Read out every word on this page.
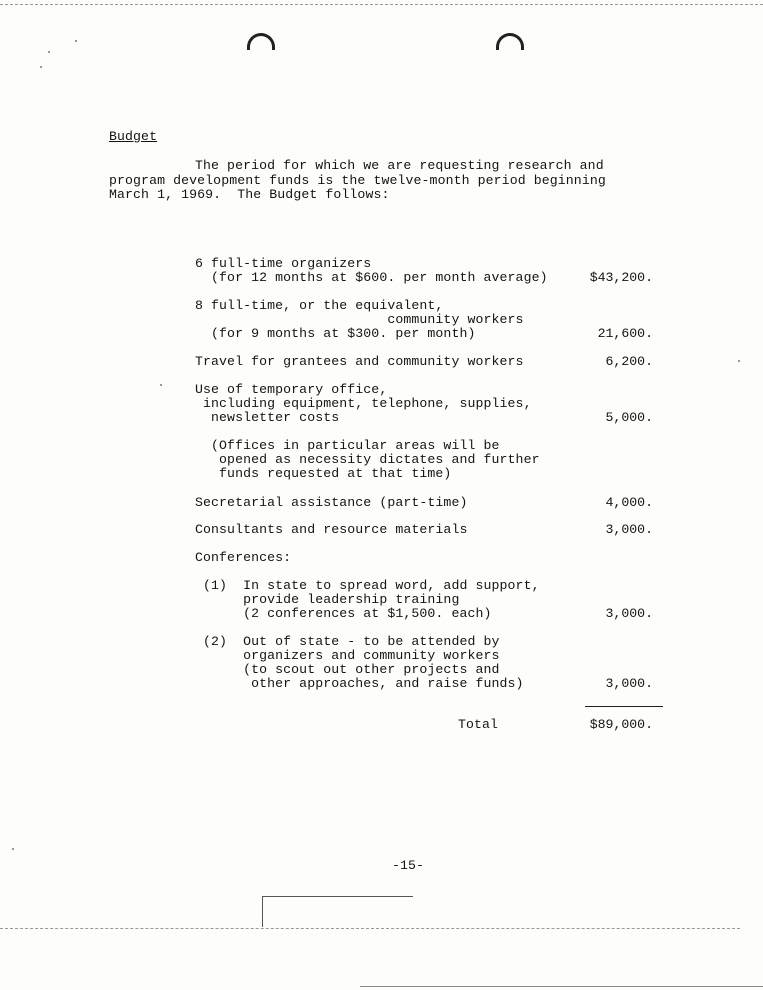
Budget
The period for which we are requesting research and
program development funds is the twelve-month period beginning
March 1, 1969.  The Budget follows:
6 full-time organizers
(for 12 months at $600. per month average)	$43,200.
8 full-time, or the equivalent,
community workers
(for 9 months at $300. per month)	21,600.
Travel for grantees and community workers	6,200.
Use of temporary office,
including equipment, telephone, supplies,
newsletter costs	5,000.
(Offices in particular areas will be
opened as necessity dictates and further
funds requested at that time)
Secretarial assistance (part-time)	4,000.
Consultants and resource materials	3,000.
Conferences:
(1)  In state to spread word, add support,
provide leadership training
(2 conferences at $1,500. each)	3,000.
(2)  Out of state - to be attended by
organizers and community workers
(to scout out other projects and
other approaches, and raise funds)	3,000.
Total	$89,000.
-15-
